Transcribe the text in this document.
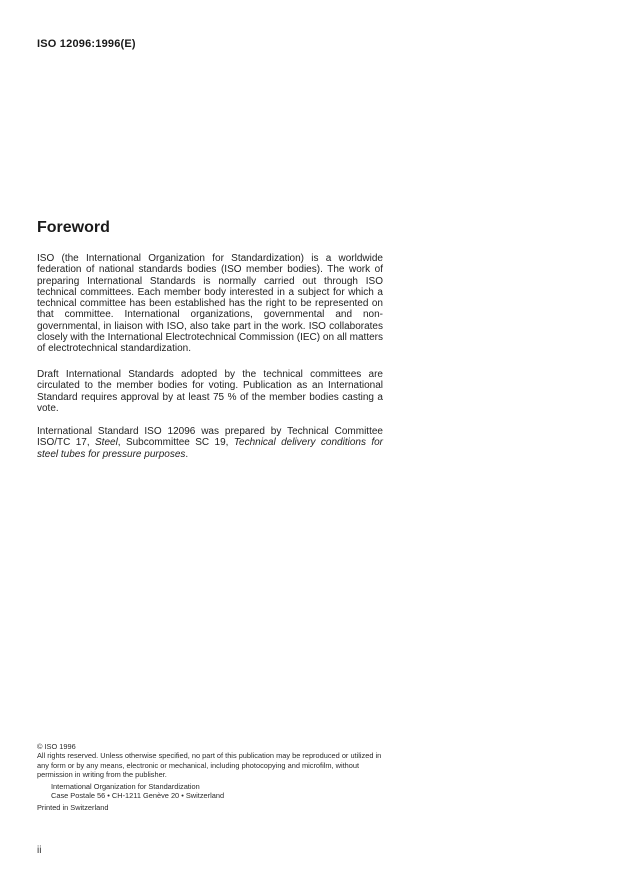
ISO 12096:1996(E)
Foreword
ISO (the International Organization for Standardization) is a worldwide federation of national standards bodies (ISO member bodies). The work of preparing International Standards is normally carried out through ISO technical committees. Each member body interested in a subject for which a technical committee has been established has the right to be represented on that committee. International organizations, governmental and non-governmental, in liaison with ISO, also take part in the work. ISO collaborates closely with the International Electrotechnical Commission (IEC) on all matters of electrotechnical standardization.
Draft International Standards adopted by the technical committees are circulated to the member bodies for voting. Publication as an International Standard requires approval by at least 75 % of the member bodies casting a vote.
International Standard ISO 12096 was prepared by Technical Committee ISO/TC 17, Steel, Subcommittee SC 19, Technical delivery conditions for steel tubes for pressure purposes.
© ISO 1996
All rights reserved. Unless otherwise specified, no part of this publication may be reproduced or utilized in any form or by any means, electronic or mechanical, including photocopying and microfilm, without permission in writing from the publisher.
International Organization for Standardization
Case Postale 56 • CH-1211 Genève 20 • Switzerland
Printed in Switzerland
ii
